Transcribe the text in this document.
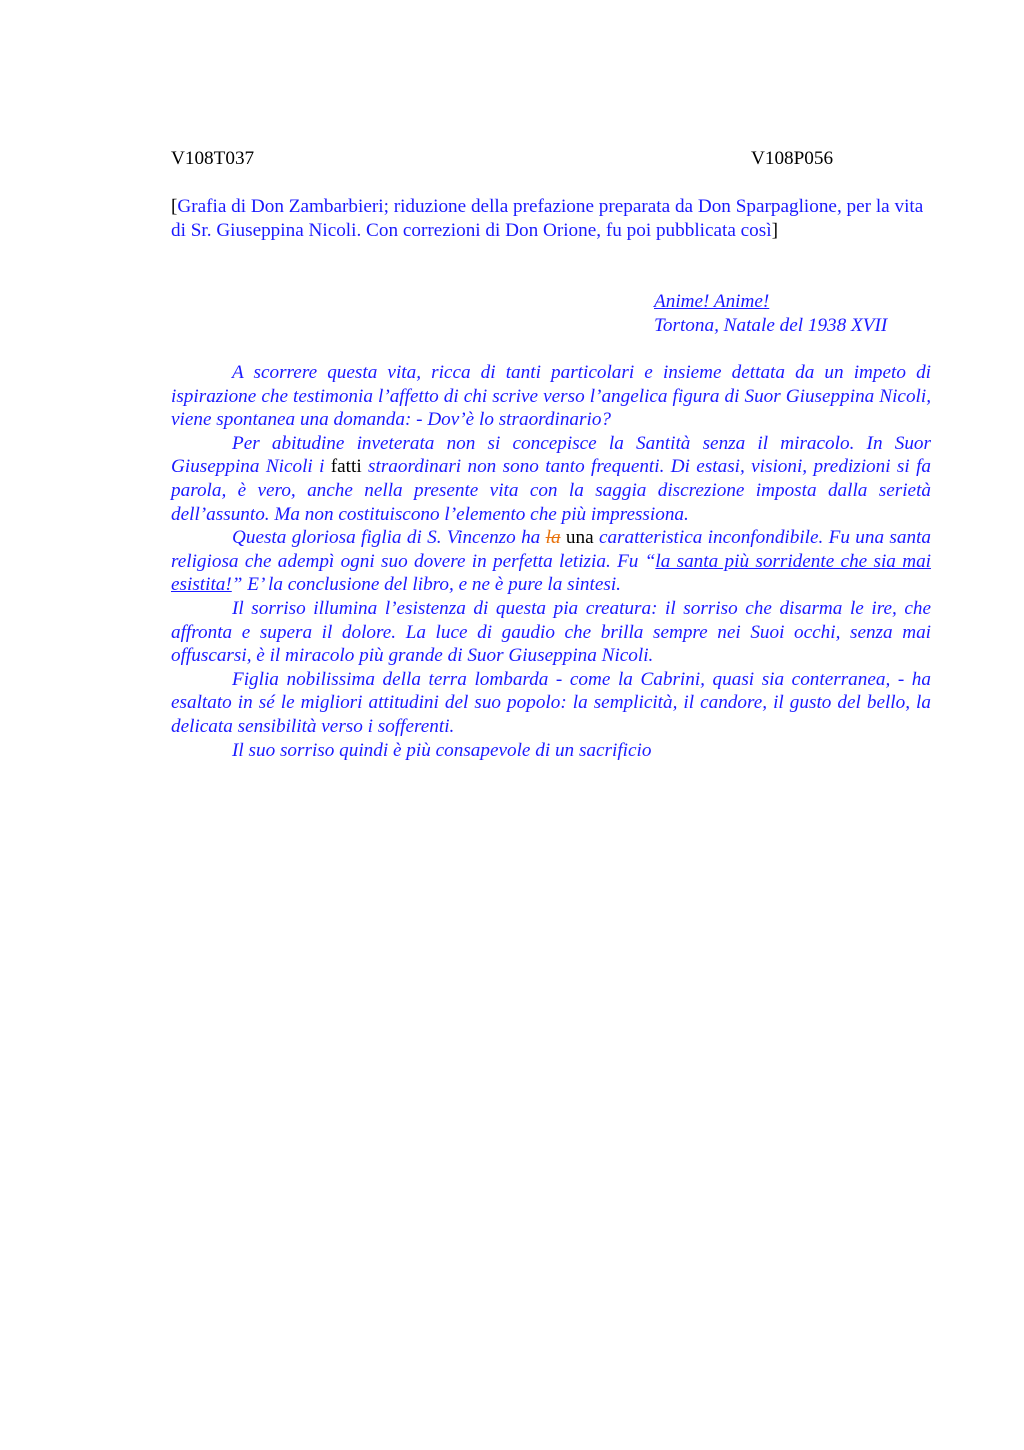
V108T037	V108P056
[Grafia di Don Zambarbieri; riduzione della prefazione preparata da Don Sparpaglione, per la vita di Sr. Giuseppina Nicoli. Con correzioni di Don Orione, fu poi pubblicata così]
Anime! Anime!
Tortona, Natale del 1938 XVII

A scorrere questa vita, ricca di tanti particolari e insieme dettata da un impeto di ispirazione che testimonia l’affetto di chi scrive verso l’angelica figura di Suor Giuseppina Nicoli, viene spontanea una domanda: - Dov’è lo straordinario?

Per abitudine inveterata non si concepisce la Santità senza il miracolo. In Suor Giuseppina Nicoli i fatti straordinari non sono tanto frequenti. Di estasi, visioni, predizioni si fa parola, è vero, anche nella presente vita con la saggia discrezione imposta dalla serietà dell’assunto. Ma non costituiscono l’elemento che più impressiona.

Questa gloriosa figlia di S. Vincenzo ha la una caratteristica inconfondibile. Fu una santa religiosa che adempì ogni suo dovere in perfetta letizia. Fu “la santa più sorridente che sia mai esistita!” E’ la conclusione del libro, e ne è pure la sintesi.

Il sorriso illumina l’esistenza di questa pia creatura: il sorriso che disarma le ire, che affronta e supera il dolore. La luce di gaudio che brilla sempre nei Suoi occhi, senza mai offuscarsi, è il miracolo più grande di Suor Giuseppina Nicoli.

Figlia nobilissima della terra lombarda - come la Cabrini, quasi sia conterranea, - ha esaltato in sé le migliori attitudini del suo popolo: la semplicità, il candore, il gusto del bello, la delicata sensibilità verso i sofferenti.

Il suo sorriso quindi è più consapevole di un sacrificio
